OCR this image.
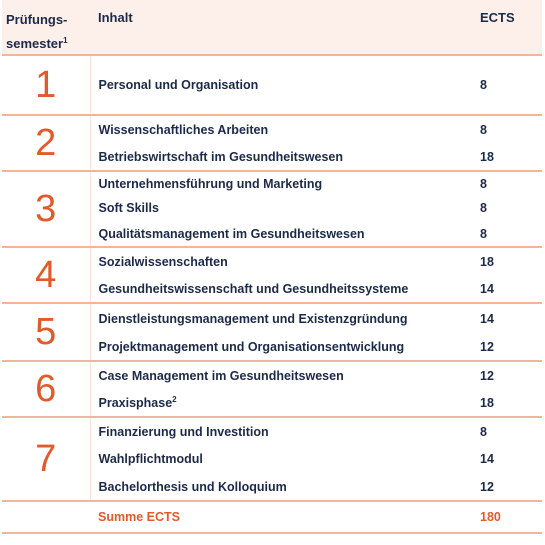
Prüfungs-
semester$^1$	Inhalt	ECTS
1	Personal und Organisation	8
2	Wissenschaftliches Arbeiten	8
	Betriebswirtschaft im Gesundheitswesen	18
3	Unternehmensführung und Marketing	8
	Soft Skills	8
	Qualitätsmanagement im Gesundheitswesen	8
4	Sozialwissenschaften	18
	Gesundheitswissenschaft und Gesundheitssysteme	14
5	Dienstleistungsmanagement und Existenzgründung	14
	Projektmanagement und Organisationsentwicklung	12
6	Case Management im Gesundheitswesen	12
	Praxisphase$^2$	18
7	Finanzierung und Investition	8
	Wahlpflichtmodul	14
	Bachelorthesis und Kolloquium	12
	Summe ECTS	180
